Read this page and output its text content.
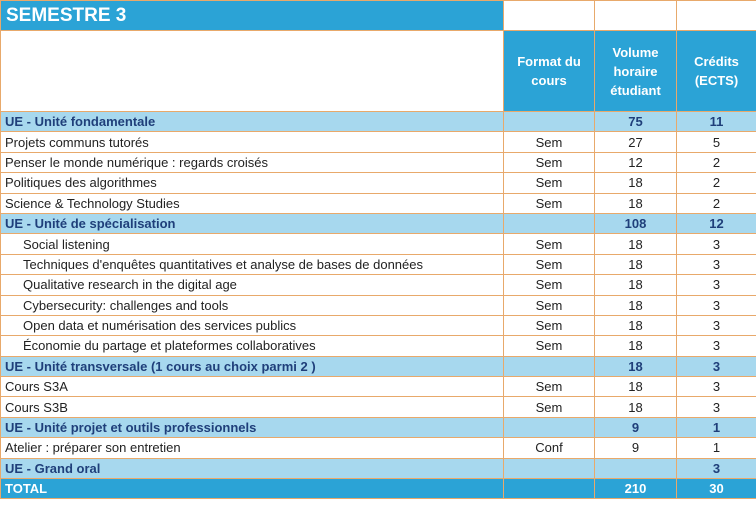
SEMESTRE 3			
	Format du cours	Volume horaire étudiant	Crédits (ECTS)
UE - Unité fondamentale		75	11
Projets communs tutorés	Sem	27	5
Penser le monde numérique : regards croisés	Sem	12	2
Politiques des algorithmes	Sem	18	2
Science & Technology Studies	Sem	18	2
UE - Unité de spécialisation		108	12
Social listening	Sem	18	3
Techniques d'enquêtes quantitatives et analyse de bases de données	Sem	18	3
Qualitative research in the digital age	Sem	18	3
Cybersecurity: challenges and tools	Sem	18	3
Open data et numérisation des services publics	Sem	18	3
Économie du partage et plateformes collaboratives	Sem	18	3
UE - Unité transversale (1 cours au choix parmi 2 )		18	3
Cours S3A	Sem	18	3
Cours S3B	Sem	18	3
UE - Unité projet et outils professionnels		9	1
Atelier : préparer son entretien	Conf	9	1
UE - Grand oral			3
TOTAL		210	30
